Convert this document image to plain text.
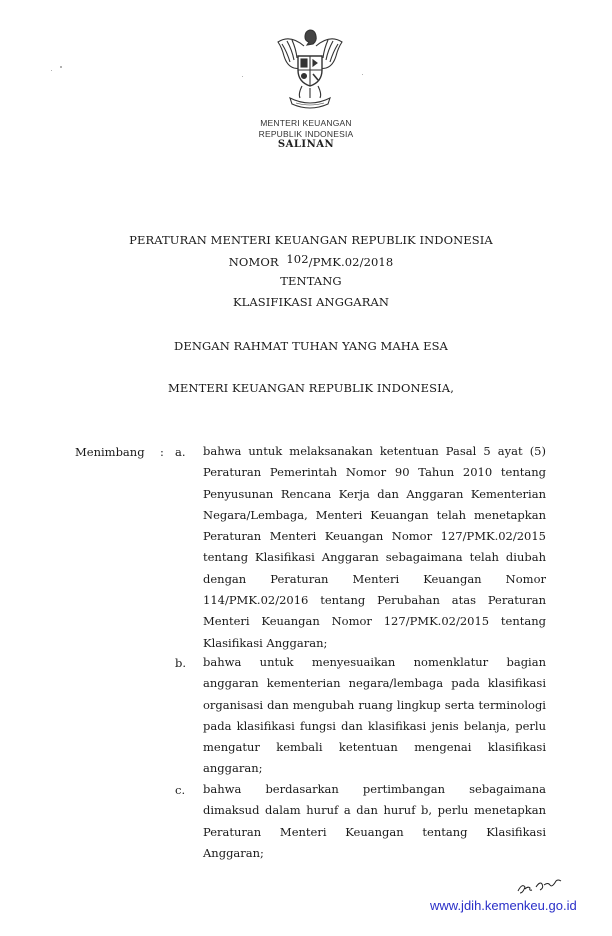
MENTERI KEUANGAN
REPUBLIK INDONESIA
SALINAN
PERATURAN MENTERI KEUANGAN REPUBLIK INDONESIA
NOMOR 102/PMK.02/2018
TENTANG
KLASIFIKASI ANGGARAN
DENGAN RAHMAT TUHAN YANG MAHA ESA
MENTERI KEUANGAN REPUBLIK INDONESIA,
Menimbang : a. bahwa untuk melaksanakan ketentuan Pasal 5 ayat (5)
Peraturan Pemerintah Nomor 90 Tahun 2010 tentang
Penyusunan Rencana Kerja dan Anggaran Kementerian
Negara/Lembaga, Menteri Keuangan telah menetapkan
Peraturan Menteri Keuangan Nomor 127/PMK.02/2015
tentang Klasifikasi Anggaran sebagaimana telah diubah
dengan Peraturan Menteri Keuangan Nomor
114/PMK.02/2016 tentang Perubahan atas Peraturan
Menteri Keuangan Nomor 127/PMK.02/2015 tentang
Klasifikasi Anggaran;
b. bahwa untuk menyesuaikan nomenklatur bagian
anggaran kementerian negara/lembaga pada klasifikasi
organisasi dan mengubah ruang lingkup serta terminologi
pada klasifikasi fungsi dan klasifikasi jenis belanja, perlu
mengatur kembali ketentuan mengenai klasifikasi
anggaran;
c. bahwa berdasarkan pertimbangan sebagaimana
dimaksud dalam huruf a dan huruf b, perlu menetapkan
Peraturan Menteri Keuangan tentang Klasifikasi
Anggaran;
www.jdih.kemenkeu.go.id
